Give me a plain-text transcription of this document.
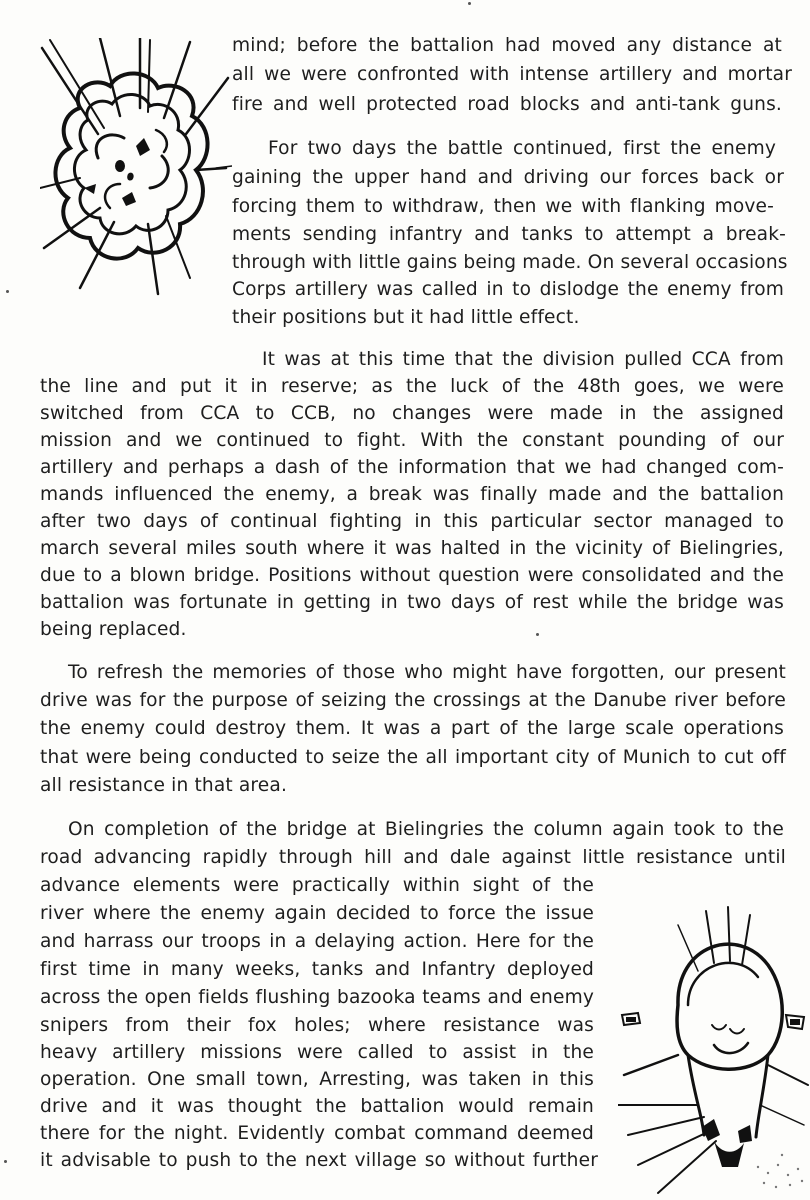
mind; before the battalion had moved any distance at
all we were confronted with intense artillery and mortar
fire and well protected road blocks and anti-tank guns.
For two days the battle continued, first the enemy
gaining the upper hand and driving our forces back or
forcing them to withdraw, then we with flanking move-
ments sending infantry and tanks to attempt a break-
through with little gains being made. On several occasions
Corps artillery was called in to dislodge the enemy from
their positions but it had little effect.
It was at this time that the division pulled CCA from
the line and put it in reserve; as the luck of the 48th goes, we were
switched from CCA to CCB, no changes were made in the assigned
mission and we continued to fight. With the constant pounding of our
artillery and perhaps a dash of the information that we had changed com-
mands influenced the enemy, a break was finally made and the battalion
after two days of continual fighting in this particular sector managed to
march several miles south where it was halted in the vicinity of Bielingries,
due to a blown bridge. Positions without question were consolidated and the
battalion was fortunate in getting in two days of rest while the bridge was
being replaced.
To refresh the memories of those who might have forgotten, our present
drive was for the purpose of seizing the crossings at the Danube river before
the enemy could destroy them. It was a part of the large scale operations
that were being conducted to seize the all important city of Munich to cut off
all resistance in that area.
On completion of the bridge at Bielingries the column again took to the
road advancing rapidly through hill and dale against little resistance until
advance elements were practically within sight of the
river where the enemy again decided to force the issue
and harrass our troops in a delaying action. Here for the
first time in many weeks, tanks and Infantry deployed
across the open fields flushing bazooka teams and enemy
snipers from their fox holes; where resistance was
heavy artillery missions were called to assist in the
operation. One small town, Arresting, was taken in this
drive and it was thought the battalion would remain
there for the night. Evidently combat command deemed
it advisable to push to the next village so without further
